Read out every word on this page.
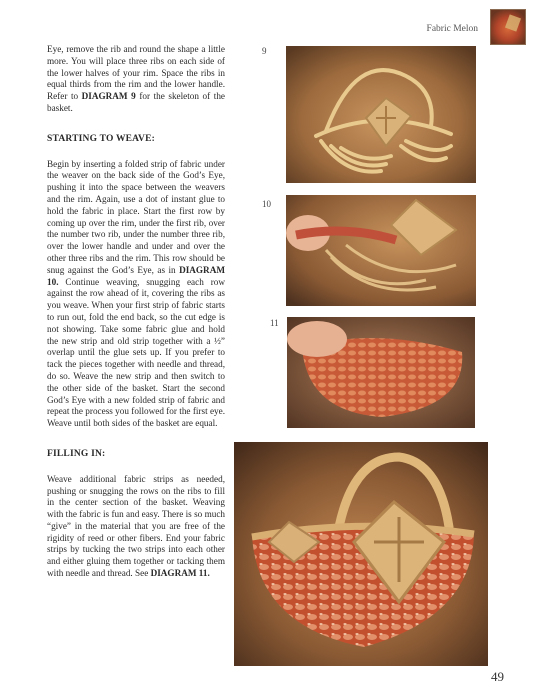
Fabric Melon

Eye, remove the rib and round the shape a little more. You will place three ribs on each side of the lower halves of your rim. Space the ribs in equal thirds from the rim and the lower handle. Refer to DIAGRAM 9 for the skeleton of the basket.

STARTING TO WEAVE:

Begin by inserting a folded strip of fabric under the weaver on the back side of the God’s Eye, pushing it into the space between the weavers and the rim. Again, use a dot of instant glue to hold the fabric in place. Start the first row by coming up over the rim, under the first rib, over the number two rib, under the number three rib, over the lower handle and under and over the other three ribs and the rim. This row should be snug against the God’s Eye, as in DIAGRAM 10. Continue weaving, snugging each row against the row ahead of it, covering the ribs as you weave. When your first strip of fabric starts to run out, fold the end back, so the cut edge is not showing. Take some fabric glue and hold the new strip and old strip together with a ½” overlap until the glue sets up. If you prefer to tack the pieces together with needle and thread, do so. Weave the new strip and then switch to the other side of the basket. Start the second God’s Eye with a new folded strip of fabric and repeat the process you followed for the first eye. Weave until both sides of the basket are equal.

FILLING IN:

Weave additional fabric strips as needed, pushing or snugging the rows on the ribs to fill in the center section of the basket. Weaving with the fabric is fun and easy. There is so much “give” in the material that you are free of the rigidity of reed or other fibers. End your fabric strips by tucking the two strips into each other and either gluing them together or tacking them with needle and thread. See DIAGRAM 11.

9
10
11
49
